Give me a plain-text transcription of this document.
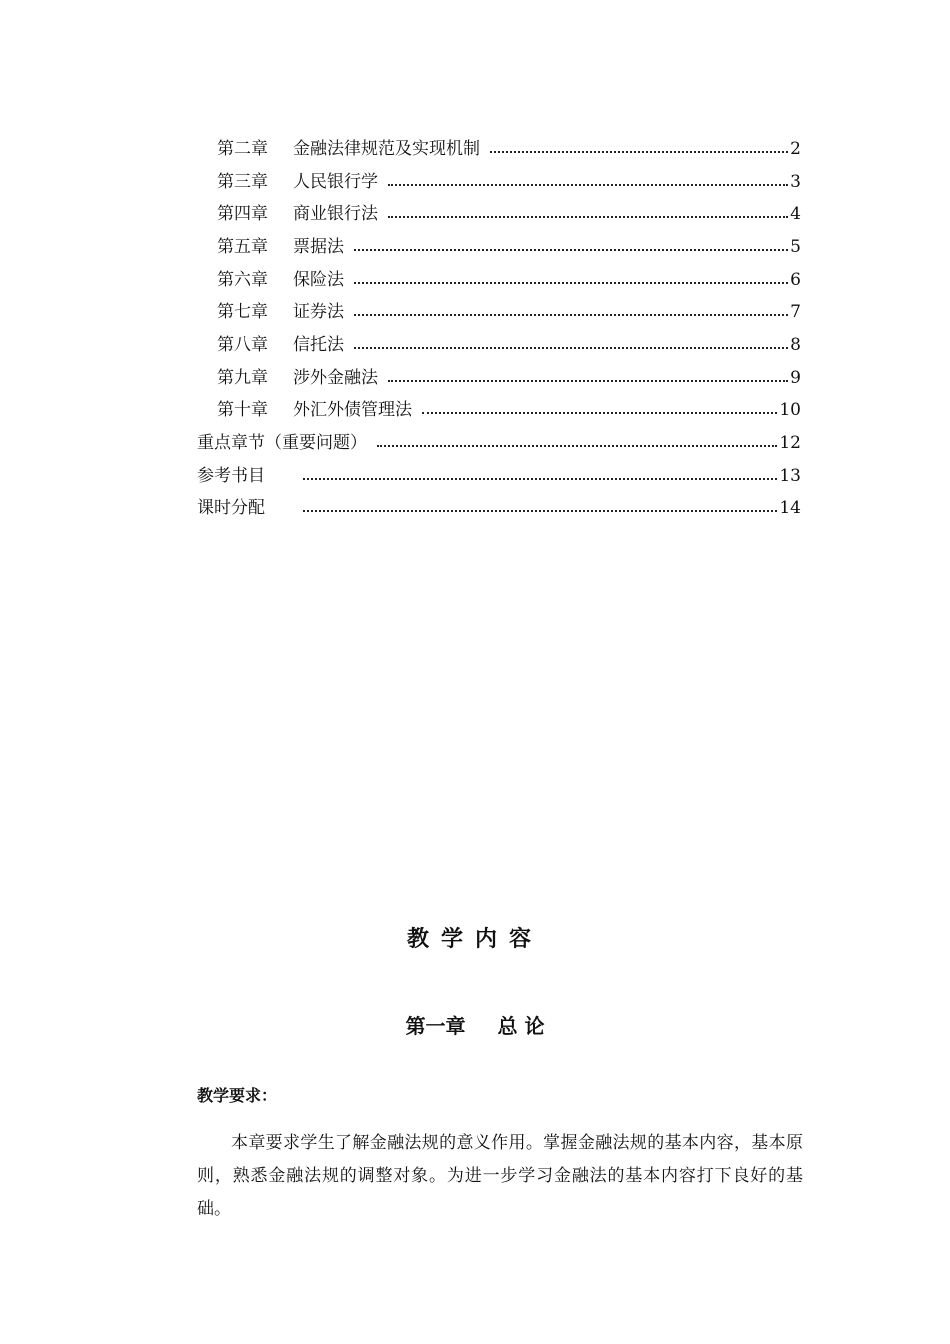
第二章	金融法律规范及实现机制	2
第三章	人民银行学	3
第四章	商业银行法	4
第五章	票据法	5
第六章	保险法	6
第七章	证券法	7
第八章	信托法	8
第九章	涉外金融法	9
第十章	外汇外债管理法	10
重点章节（重要问题）	12
参考书目	13
课时分配	14
教学内容
第一章 总 论
教学要求：

本章要求学生了解金融法规的意义作用。掌握金融法规的基本内容，基本原则，熟悉金融法规的调整对象。为进一步学习金融法的基本内容打下良好的基础。
